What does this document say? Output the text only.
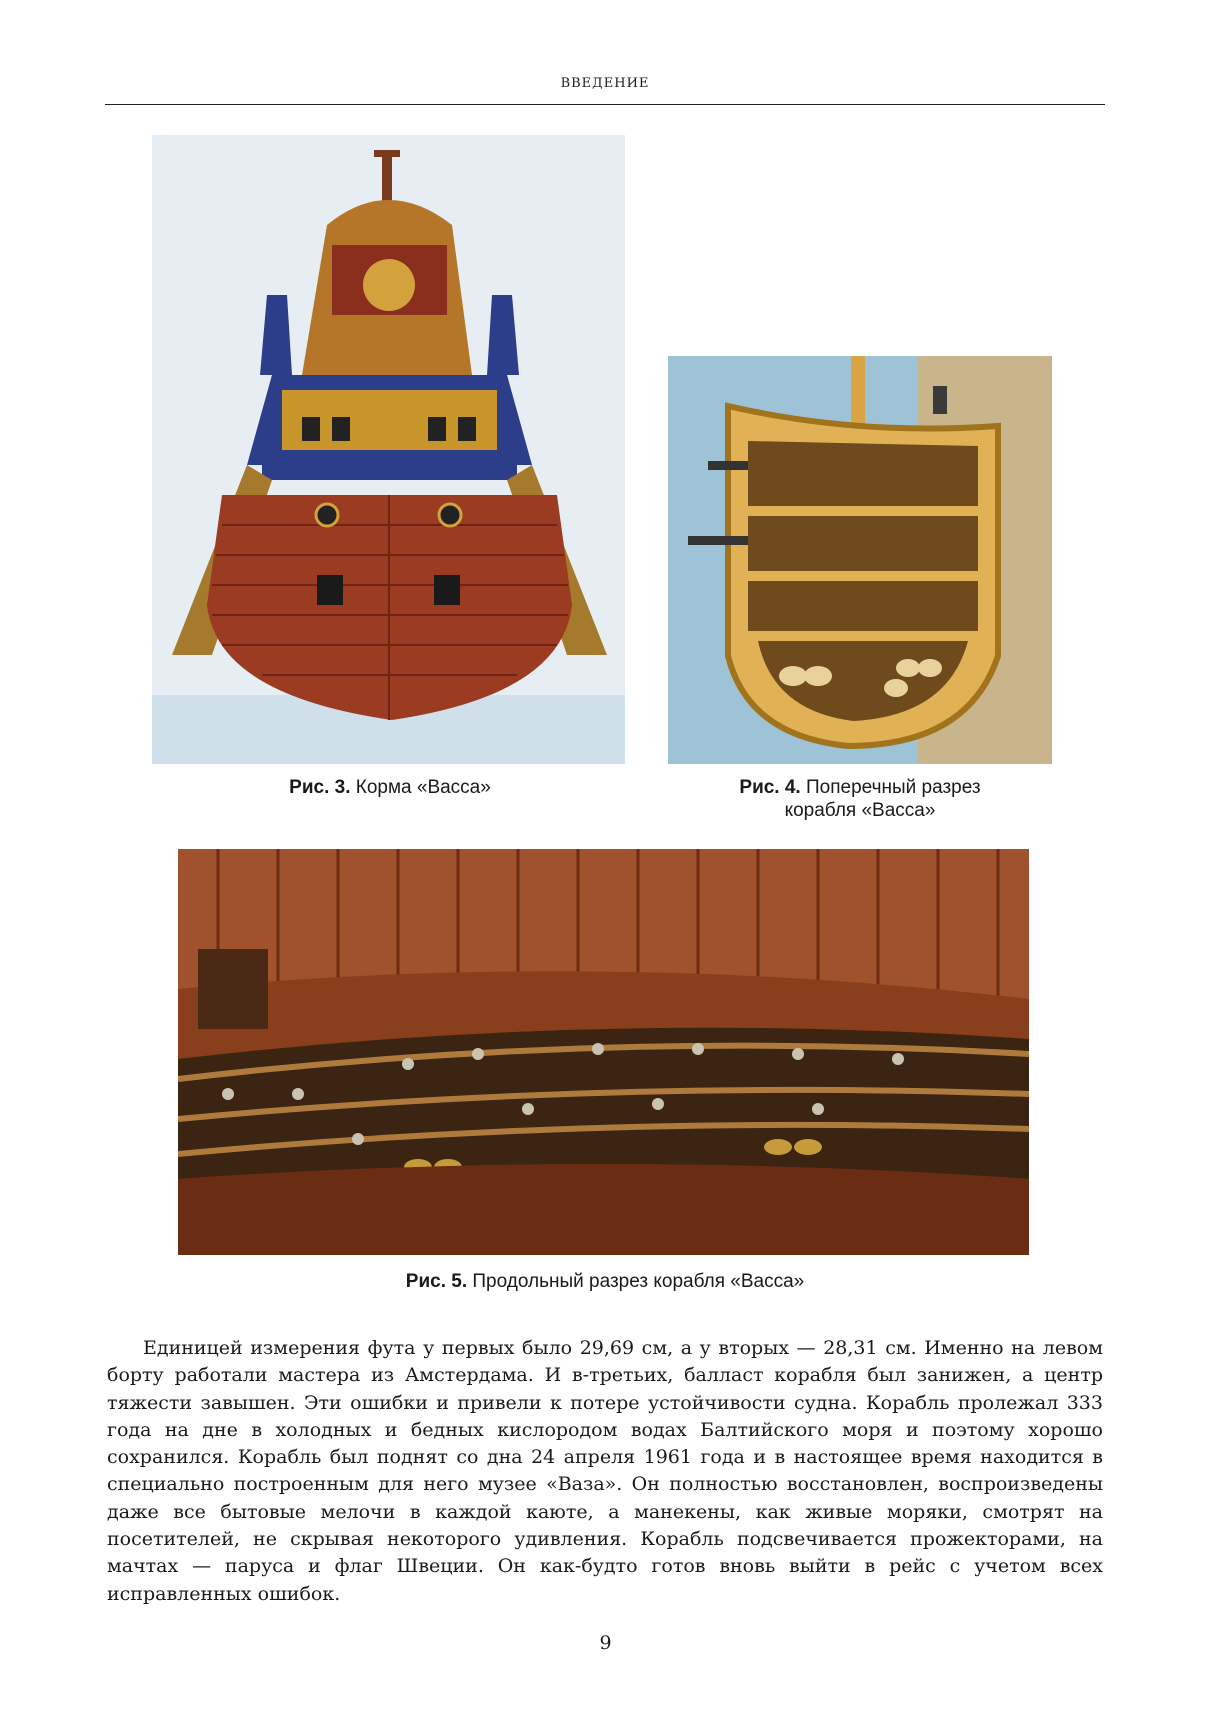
ВВЕДЕНИЕ
Рис. 3. Корма «Васса»	Рис. 4. Поперечный разрез корабля «Васса»
Рис. 5. Продольный разрез корабля «Васса»

Единицей измерения фута у первых было 29,69 см, а у вторых — 28,31 см. Именно на левом борту работали мастера из Амстердама. И в-третьих, балласт корабля был занижен, а центр тяжести завышен. Эти ошибки и привели к потере устойчивости судна. Корабль пролежал 333 года на дне в холодных и бедных кислородом водах Балтийского моря и поэтому хорошо сохранился. Корабль был поднят со дна 24 апреля 1961 года и в настоящее время находится в специально построенным для него музее «Ваза». Он полностью восстановлен, воспроизведены даже все бытовые мелочи в каждой каюте, а манекены, как живые моряки, смотрят на посетителей, не скрывая некоторого удивления. Корабль подсвечивается прожекторами, на мачтах — паруса и флаг Швеции. Он как-будто готов вновь выйти в рейс с учетом всех исправленных ошибок.

9
